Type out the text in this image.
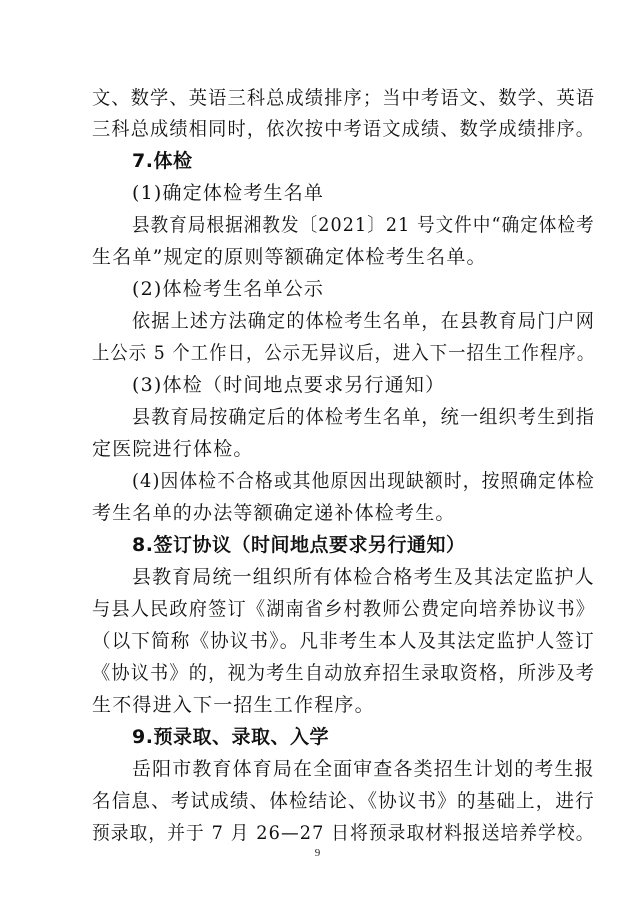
文、数学、英语三科总成绩排序；当中考语文、数学、英语
三科总成绩相同时，依次按中考语文成绩、数学成绩排序。
7.体检
(1)确定体检考生名单
县教育局根据湘教发〔2021〕21 号文件中“确定体检考
生名单”规定的原则等额确定体检考生名单。
(2)体检考生名单公示
依据上述方法确定的体检考生名单，在县教育局门户网
上公示 5 个工作日，公示无异议后，进入下一招生工作程序。
(3)体检（时间地点要求另行通知）
县教育局按确定后的体检考生名单，统一组织考生到指
定医院进行体检。
(4)因体检不合格或其他原因出现缺额时，按照确定体检
考生名单的办法等额确定递补体检考生。
8.签订协议（时间地点要求另行通知）
县教育局统一组织所有体检合格考生及其法定监护人
与县人民政府签订《湖南省乡村教师公费定向培养协议书》
（以下简称《协议书》。凡非考生本人及其法定监护人签订
《协议书》的，视为考生自动放弃招生录取资格，所涉及考
生不得进入下一招生工作程序。
9.预录取、录取、入学
岳阳市教育体育局在全面审查各类招生计划的考生报
名信息、考试成绩、体检结论、《协议书》的基础上，进行
预录取，并于 7 月 26—27 日将预录取材料报送培养学校。
9
